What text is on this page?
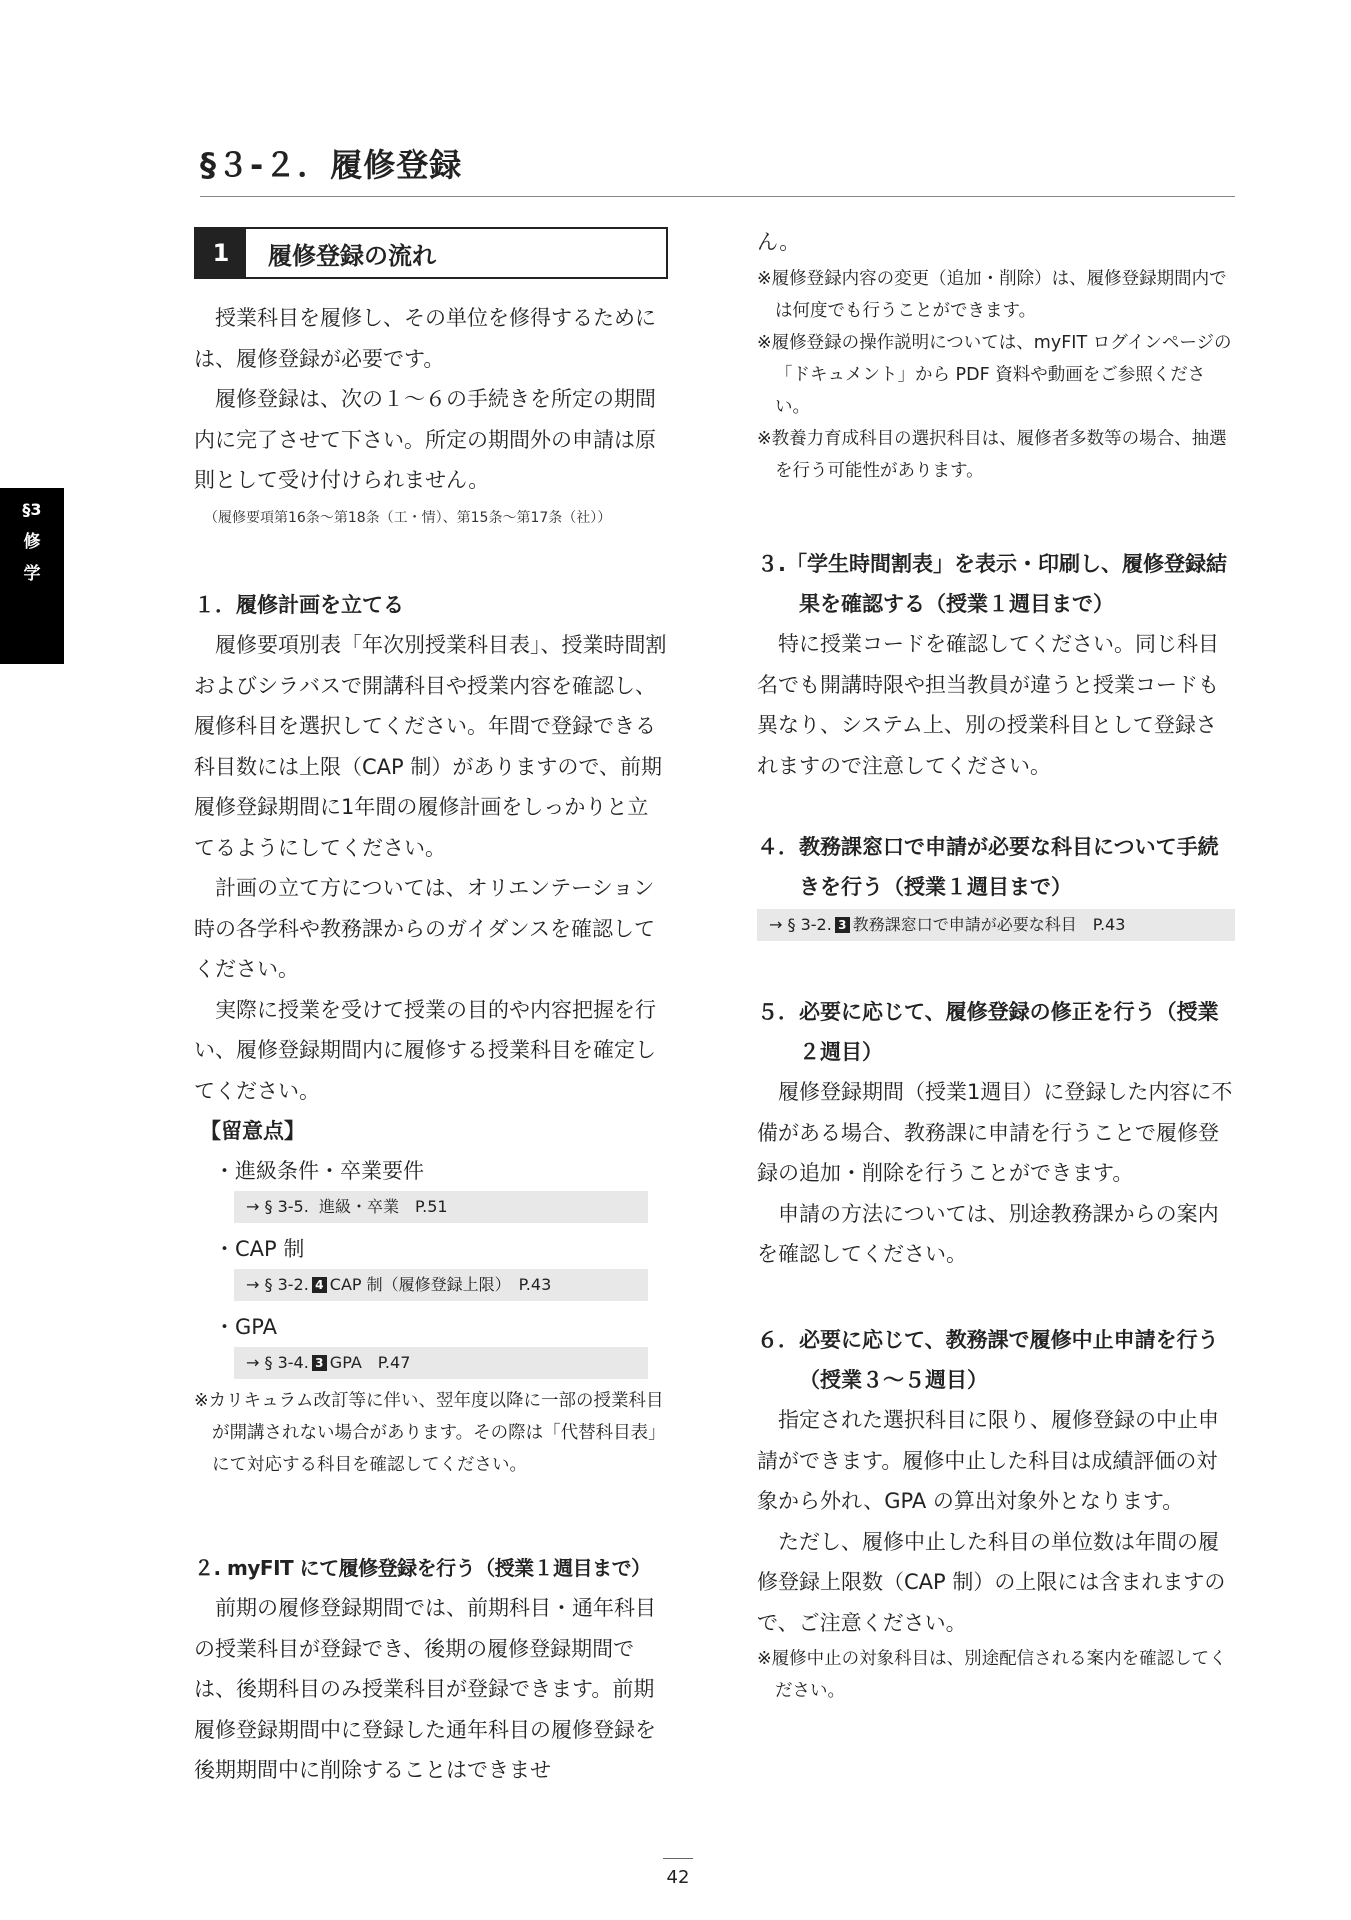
§３-２．履修登録
§3
修
学
1	履修登録の流れ

授業科目を履修し、その単位を修得するためには、履修登録が必要です。

履修登録は、次の１～６の手続きを所定の期間内に完了させて下さい。所定の期間外の申請は原則として受け付けられません。

（履修要項第16条～第18条（工・情）、第15条～第17条（社））

１．履修計画を立てる

履修要項別表「年次別授業科目表」、授業時間割およびシラバスで開講科目や授業内容を確認し、履修科目を選択してください。年間で登録できる科目数には上限（CAP 制）がありますので、前期履修登録期間に1年間の履修計画をしっかりと立てるようにしてください。

計画の立て方については、オリエンテーション時の各学科や教務課からのガイダンスを確認してください。

実際に授業を受けて授業の目的や内容把握を行い、履修登録期間内に履修する授業科目を確定してください。

【留意点】

・進級条件・卒業要件

→ § 3-5. 進級・卒業　P.51

・CAP 制

→ § 3-2. 4 CAP 制（履修登録上限）　P.43

・GPA

→ § 3-4. 3 GPA　P.47

※カリキュラム改訂等に伴い、翌年度以降に一部の授業科目が開講されない場合があります。その際は「代替科目表」にて対応する科目を確認してください。

２. myFIT にて履修登録を行う（授業１週目まで）

前期の履修登録期間では、前期科目・通年科目の授業科目が登録でき、後期の履修登録期間では、後期科目のみ授業科目が登録できます。前期履修登録期間中に登録した通年科目の履修登録を後期期間中に削除することはできませ

ん。

※履修登録内容の変更（追加・削除）は、履修登録期間内では何度でも行うことができます。

※履修登録の操作説明については、myFIT ログインページの「ドキュメント」から PDF 資料や動画をご参照ください。

※教養力育成科目の選択科目は、履修者多数等の場合、抽選を行う可能性があります。

３.「学生時間割表」を表示・印刷し、履修登録結果を確認する（授業１週目まで）

特に授業コードを確認してください。同じ科目名でも開講時限や担当教員が違うと授業コードも異なり、システム上、別の授業科目として登録されますので注意してください。

４．教務課窓口で申請が必要な科目について手続きを行う（授業１週目まで）

→ § 3-2. 3 教務課窓口で申請が必要な科目　P.43

５．必要に応じて、履修登録の修正を行う（授業２週目）

履修登録期間（授業1週目）に登録した内容に不備がある場合、教務課に申請を行うことで履修登録の追加・削除を行うことができます。

申請の方法については、別途教務課からの案内を確認してください。

６．必要に応じて、教務課で履修中止申請を行う（授業３～５週目）

指定された選択科目に限り、履修登録の中止申請ができます。履修中止した科目は成績評価の対象から外れ、GPA の算出対象外となります。

ただし、履修中止した科目の単位数は年間の履修登録上限数（CAP 制）の上限には含まれますので、ご注意ください。

※履修中止の対象科目は、別途配信される案内を確認してください。

42
